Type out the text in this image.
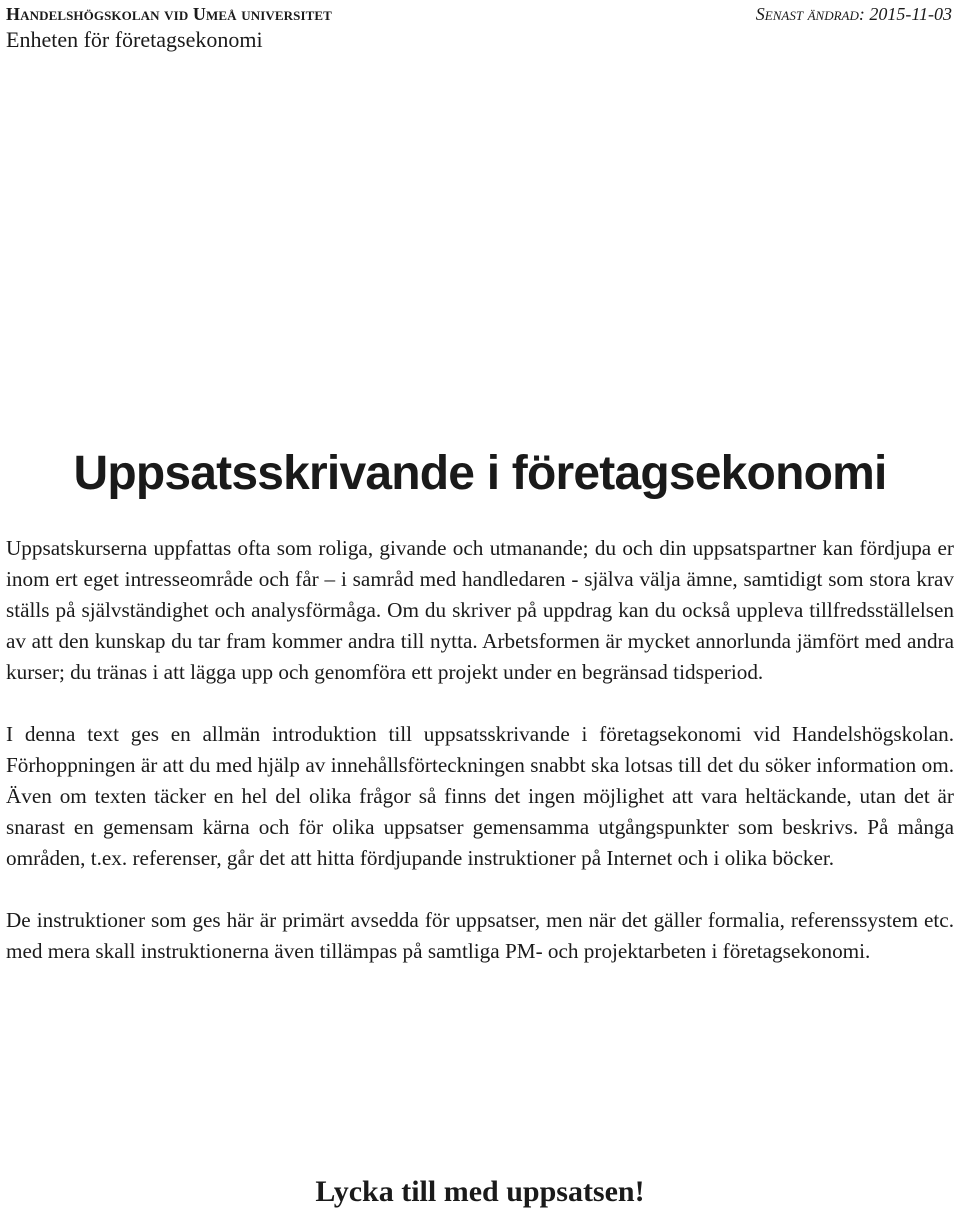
Handelshögskolan vid Umeå universitet

Enheten för företagsekonomi

Senast ändrad: 2015-11-03
Uppsatsskrivande i företagsekonomi

Uppsatskurserna uppfattas ofta som roliga, givande och utmanande; du och din uppsatspartner kan fördjupa er inom ert eget intresseområde och får – i samråd med handledaren - själva välja ämne, samtidigt som stora krav ställs på självständighet och analysförmåga. Om du skriver på uppdrag kan du också uppleva tillfredsställelsen av att den kunskap du tar fram kommer andra till nytta. Arbetsformen är mycket annorlunda jämfört med andra kurser; du tränas i att lägga upp och genomföra ett projekt under en begränsad tidsperiod.

I denna text ges en allmän introduktion till uppsatsskrivande i företagsekonomi vid Handelshögskolan. Förhoppningen är att du med hjälp av innehållsförteckningen snabbt ska lotsas till det du söker information om. Även om texten täcker en hel del olika frågor så finns det ingen möjlighet att vara heltäckande, utan det är snarast en gemensam kärna och för olika uppsatser gemensamma utgångspunkter som beskrivs. På många områden, t.ex. referenser, går det att hitta fördjupande instruktioner på Internet och i olika böcker.

De instruktioner som ges här är primärt avsedda för uppsatser, men när det gäller formalia, referenssystem etc. med mera skall instruktionerna även tillämpas på samtliga PM- och projektarbeten i företagsekonomi.

Lycka till med uppsatsen!
